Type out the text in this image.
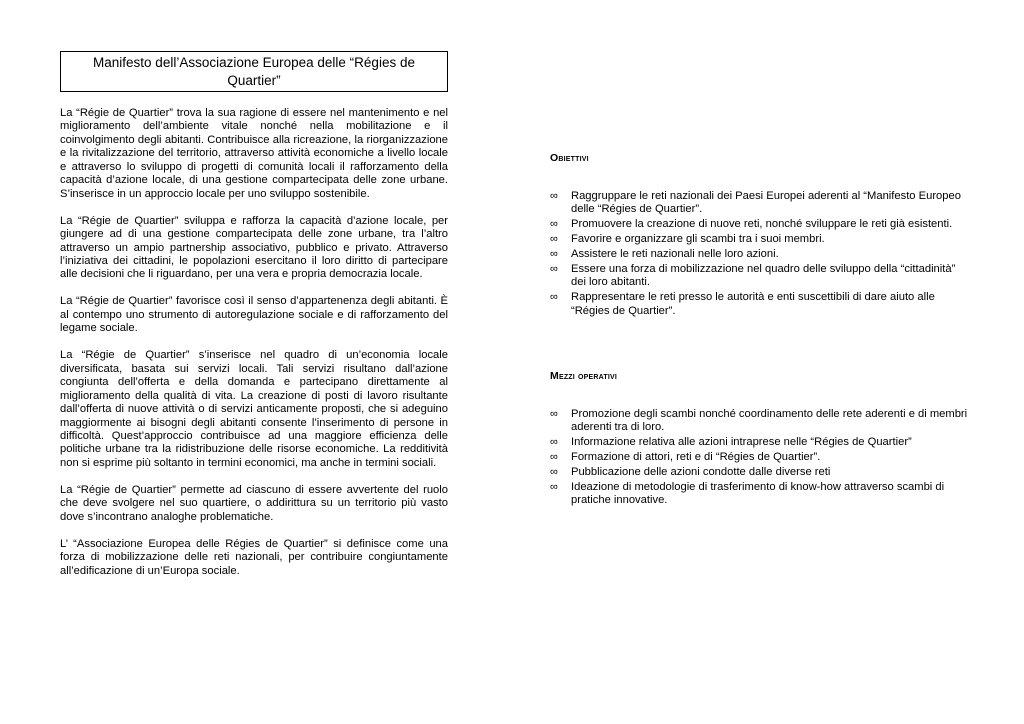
Manifesto dell’Associazione Europea delle “Régies de Quartier”

La “Régie de Quartier” trova la sua ragione di essere nel mantenimento e nel miglioramento dell’ambiente vitale nonché nella mobilitazione e il coinvolgimento degli abitanti. Contribuisce alla ricreazione, la riorganizzazione e la rivitalizzazione del territorio, attraverso attività economiche a livello locale e attraverso lo sviluppo di progetti di comunità locali il rafforzamento della capacità d’azione locale, di una gestione compartecipata delle zone urbane. S’inserisce in un approccio locale per uno sviluppo sostenibile.

La “Régie de Quartier” sviluppa e rafforza la capacità d’azione locale, per giungere ad di una gestione compartecipata delle zone urbane, tra l’altro attraverso un ampio partnership associativo, pubblico e privato. Attraverso l’iniziativa dei cittadini, le popolazioni esercitano il loro diritto di partecipare alle decisioni che li riguardano, per una vera e propria democrazia locale.

La “Régie de Quartier” favorisce così il senso d’appartenenza degli abitanti. È al contempo uno strumento di autoregulazione sociale e di rafforzamento del legame sociale.

La “Régie de Quartier” s’inserisce nel quadro di un’economia locale diversificata, basata sui servizi locali. Tali servizi risultano dall’azione congiunta dell’offerta e della domanda e partecipano direttamente al miglioramento della qualità di vita. La creazione di posti di lavoro risultante dall’offerta di nuove attività o di servizi anticamente proposti, che si adeguino maggiormente ai bisogni degli abitanti consente l’inserimento di persone in difficoltà. Quest’approccio contribuisce ad una maggiore efficienza delle politiche urbane tra la ridistribuzione delle risorse economiche. La redditività non si esprime più soltanto in termini economici, ma anche in termini sociali.

La “Régie de Quartier” permette ad ciascuno di essere avvertente del ruolo che deve svolgere nel suo quartiere, o addirittura su un territorio più vasto dove s’incontrano analoghe problematiche.

L’ “Associazione Europea delle Régies de Quartier” si definisce come una forza di mobilizzazione delle reti nazionali, per contribuire congiuntamente all’edificazione di un’Europa sociale.

Obiettivi
∞ Raggruppare le reti nazionali dei Paesi Europei aderenti al “Manifesto Europeo delle “Régies de Quartier”.
∞ Promuovere la creazione di nuove reti, nonché sviluppare le reti già esistenti.
∞ Favorire e organizzare gli scambi tra i suoi membri.
∞ Assistere le reti nazionali nelle loro azioni.
∞ Essere una forza di mobilizzazione nel quadro delle sviluppo della “cittadinità” dei loro abitanti.
∞ Rappresentare le reti presso le autorità e enti suscettibili di dare aiuto alle “Régies de Quartier”.
Mezzi operativi
∞ Promozione degli scambi nonché coordinamento delle rete aderenti e di membri aderenti tra di loro.
∞ Informazione relativa alle azioni intraprese nelle “Régies de Quartier”
∞ Formazione di attori, reti e di “Régies de Quartier”.
∞ Pubblicazione delle azioni condotte dalle diverse reti
∞ Ideazione di metodologie di trasferimento di know-how attraverso scambi di pratiche innovative.
